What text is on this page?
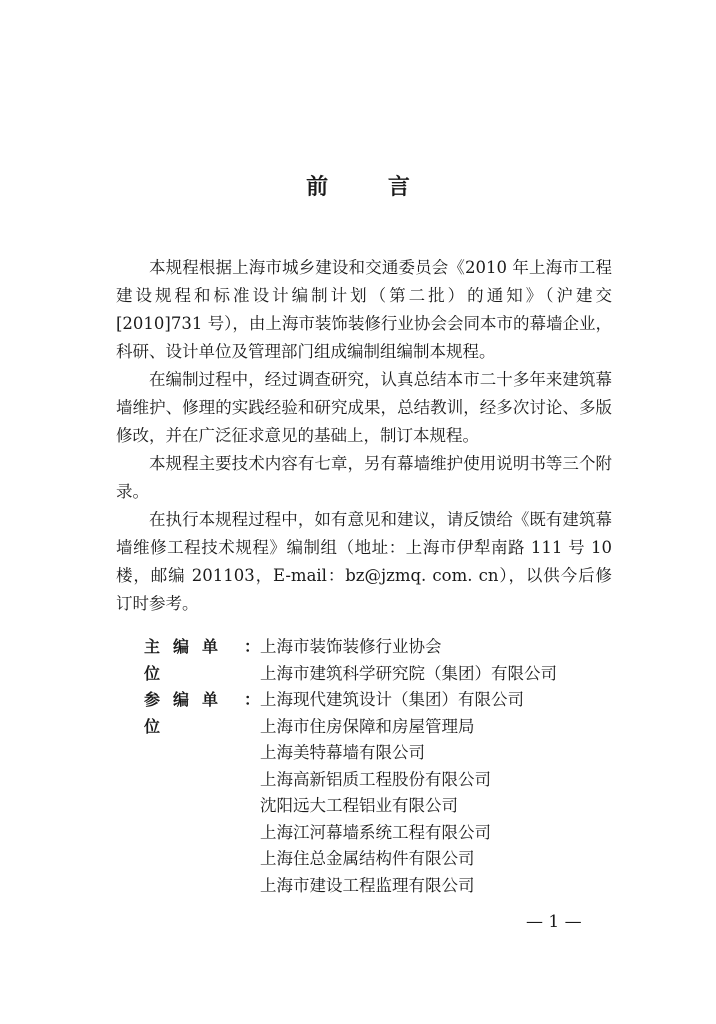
前 言

本规程根据上海市城乡建设和交通委员会《2010 年上海市工程建设规程和标准设计编制计划（第二批）的通知》（沪建交[2010]731 号），由上海市装饰装修行业协会会同本市的幕墙企业，科研、设计单位及管理部门组成编制组编制本规程。

在编制过程中，经过调查研究，认真总结本市二十多年来建筑幕墙维护、修理的实践经验和研究成果，总结教训，经多次讨论、多版修改，并在广泛征求意见的基础上，制订本规程。

本规程主要技术内容有七章，另有幕墙维护使用说明书等三个附录。

在执行本规程过程中，如有意见和建议，请反馈给《既有建筑幕墙维修工程技术规程》编制组（地址：上海市伊犁南路 111 号 10 楼，邮编 201103，E-mail：bz@jzmq. com. cn），以供今后修订时参考。

主编单位
： 上海市装饰装修行业协会
上海市建筑科学研究院（集团）有限公司
参编单位
： 上海现代建筑设计（集团）有限公司
上海市住房保障和房屋管理局
上海美特幕墙有限公司
上海高新铝质工程股份有限公司
沈阳远大工程铝业有限公司
上海江河幕墙系统工程有限公司
上海住总金属结构件有限公司
上海市建设工程监理有限公司
— 1 —
